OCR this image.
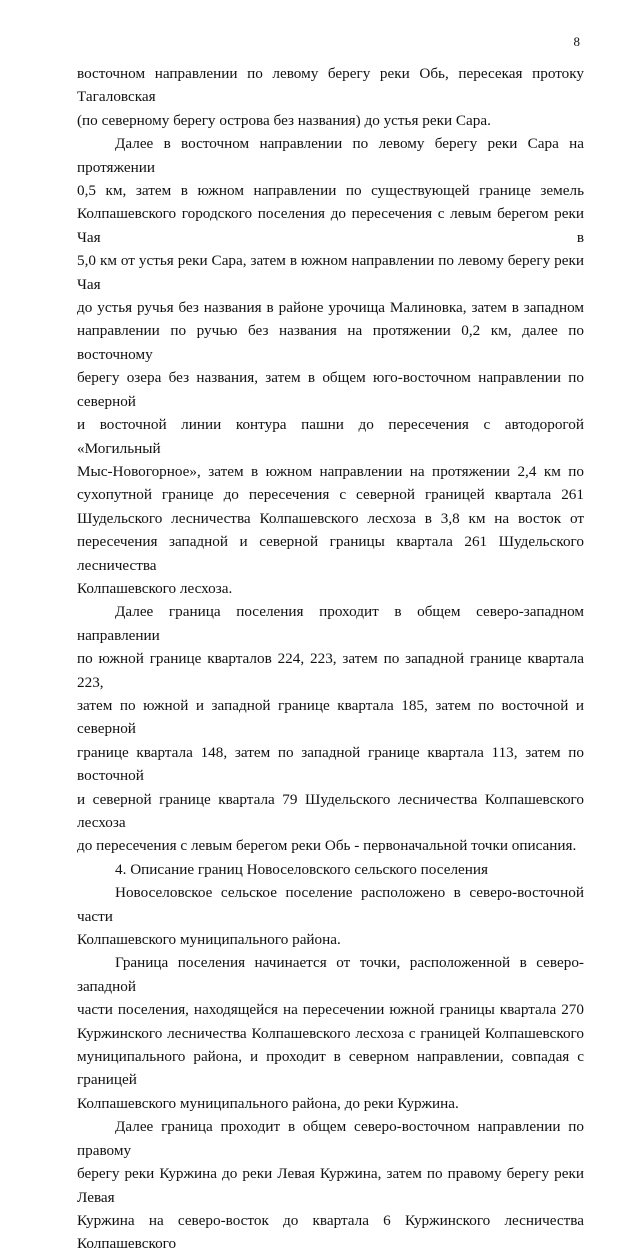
8

восточном направлении по левому берегу реки Обь, пересекая протоку Тагаловская

(по северному берегу острова без названия) до устья реки Сара.

Далее в восточном направлении по левому берегу реки Сара на протяжении

0,5 км, затем в южном направлении по существующей границе земель

Колпашевского городского поселения до пересечения с левым берегом реки Чая в

5,0 км от устья реки Сара, затем в южном направлении по левому берегу реки Чая

до устья ручья без названия в районе урочища Малиновка, затем в западном

направлении по ручью без названия на протяжении 0,2 км, далее по восточному

берегу озера без названия, затем в общем юго-восточном направлении по северной

и восточной линии контура пашни до пересечения с автодорогой «Могильный

Мыс-Новогорное», затем в южном направлении на протяжении 2,4 км по

сухопутной границе до пересечения с северной границей квартала 261

Шудельского лесничества Колпашевского лесхоза в 3,8 км на восток от

пересечения западной и северной границы квартала 261 Шудельского лесничества

Колпашевского лесхоза.

Далее граница поселения проходит в общем северо-западном направлении

по южной границе кварталов 224, 223, затем по западной границе квартала 223,

затем по южной и западной границе квартала 185, затем по восточной и северной

границе квартала 148, затем по западной границе квартала 113, затем по восточной

и северной границе квартала 79 Шудельского лесничества Колпашевского лесхоза

до пересечения с левым берегом реки Обь - первоначальной точки описания.

4. Описание границ Новоселовского сельского поселения

Новоселовское сельское поселение расположено в северо-восточной части

Колпашевского муниципального района.

Граница поселения начинается от точки, расположенной в северо-западной

части поселения, находящейся на пересечении южной границы квартала 270

Куржинского лесничества Колпашевского лесхоза с границей Колпашевского

муниципального района, и проходит в северном направлении, совпадая с границей

Колпашевского муниципального района, до реки Куржина.

Далее граница проходит в общем северо-восточном направлении по правому

берегу реки Куржина до реки Левая Куржина, затем по правому берегу реки Левая

Куржина на северо-восток до квартала 6 Куржинского лесничества Колпашевского
